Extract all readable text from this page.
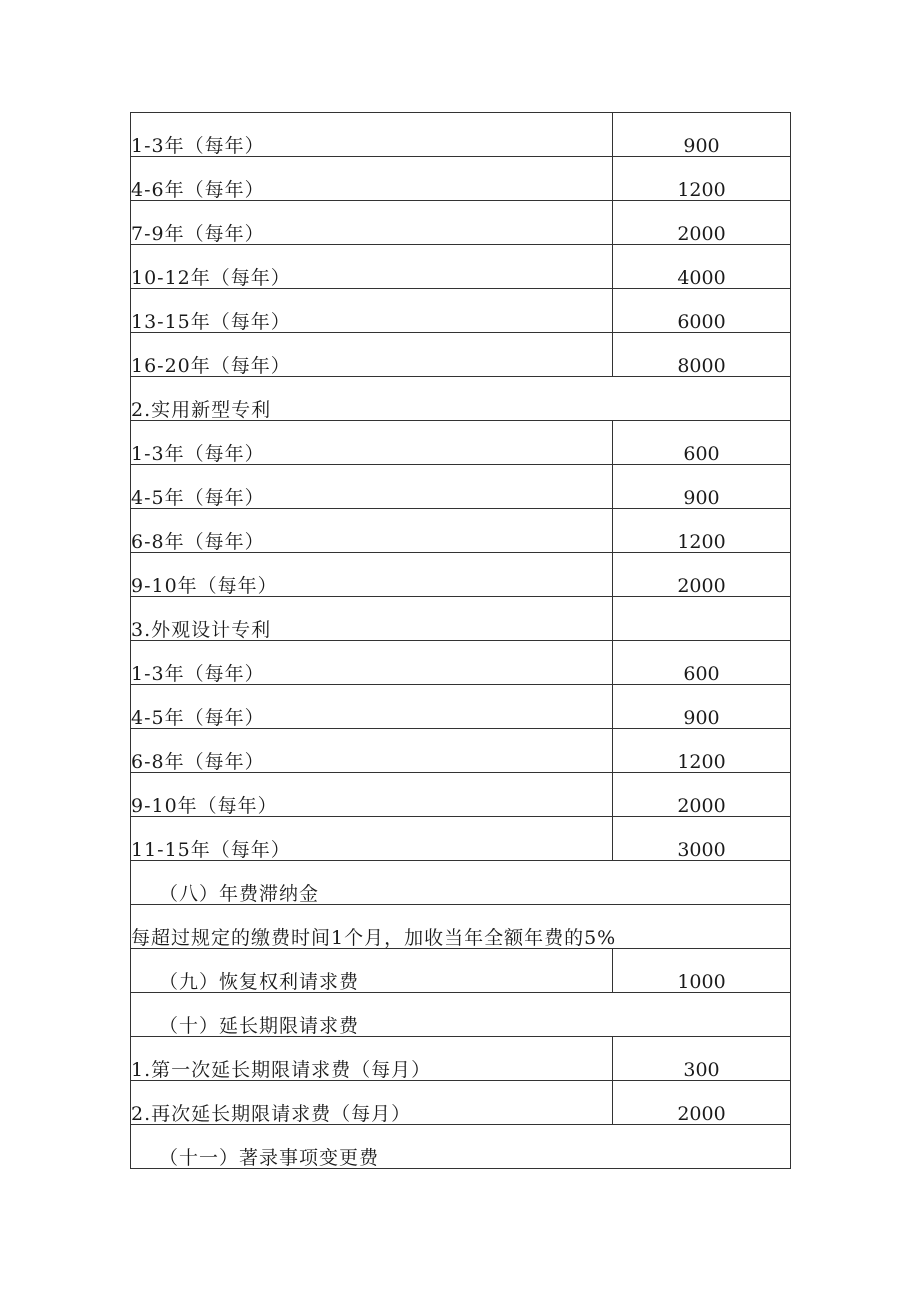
1-3年（每年）	900
4-6年（每年）	1200
7-9年（每年）	2000
10-12年（每年）	4000
13-15年（每年）	6000
16-20年（每年）	8000
2.实用新型专利	
1-3年（每年）	600
4-5年（每年）	900
6-8年（每年）	1200
9-10年（每年）	2000
3.外观设计专利	
1-3年（每年）	600
4-5年（每年）	900
6-8年（每年）	1200
9-10年（每年）	2000
11-15年（每年）	3000
（八）年费滞纳金	
每超过规定的缴费时间1个月，加收当年全额年费的5%	
（九）恢复权利请求费	1000
（十）延长期限请求费	
1.第一次延长期限请求费（每月）	300
2.再次延长期限请求费（每月）	2000
（十一）著录事项变更费	
